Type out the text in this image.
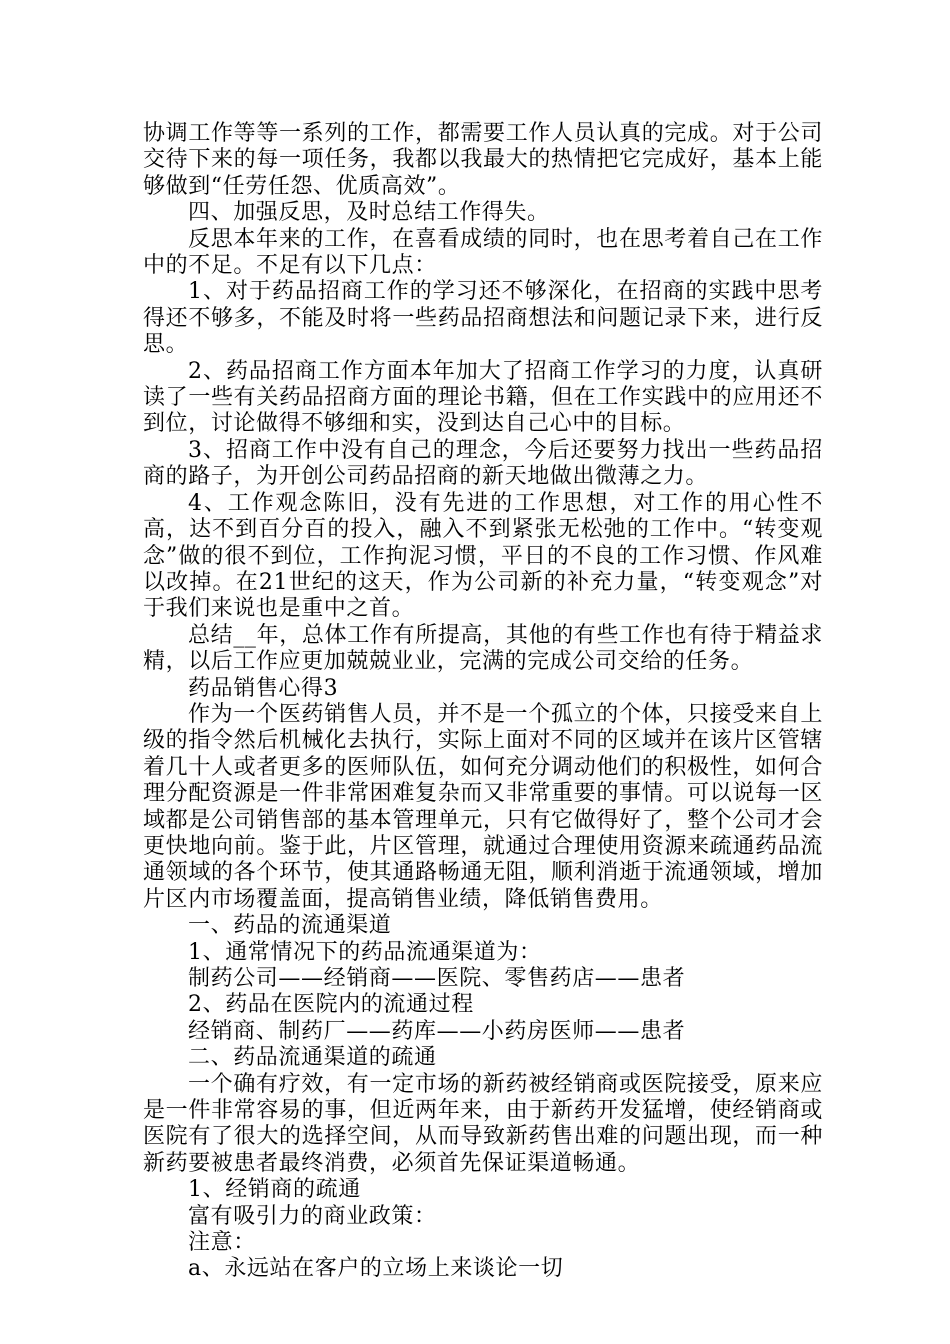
协调工作等等一系列的工作，都需要工作人员认真的完成。对于公司交待下来的每一项任务，我都以我最大的热情把它完成好，基本上能够做到“任劳任怨、优质高效”。

四、加强反思，及时总结工作得失。

反思本年来的工作，在喜看成绩的同时，也在思考着自己在工作中的不足。不足有以下几点：

1、对于药品招商工作的学习还不够深化，在招商的实践中思考得还不够多，不能及时将一些药品招商想法和问题记录下来，进行反思。

2、药品招商工作方面本年加大了招商工作学习的力度，认真研读了一些有关药品招商方面的理论书籍，但在工作实践中的应用还不到位，讨论做得不够细和实，没到达自己心中的目标。

3、招商工作中没有自己的理念，今后还要努力找出一些药品招商的路子，为开创公司药品招商的新天地做出微薄之力。

4、工作观念陈旧，没有先进的工作思想，对工作的用心性不高，达不到百分百的投入，融入不到紧张无松弛的工作中。“转变观念”做的很不到位，工作拘泥习惯，平日的不良的工作习惯、作风难以改掉。在21世纪的这天，作为公司新的补充力量，“转变观念”对于我们来说也是重中之首。

总结__年，总体工作有所提高，其他的有些工作也有待于精益求精，以后工作应更加兢兢业业，完满的完成公司交给的任务。

药品销售心得3

作为一个医药销售人员，并不是一个孤立的个体，只接受来自上级的指令然后机械化去执行，实际上面对不同的区域并在该片区管辖着几十人或者更多的医师队伍，如何充分调动他们的积极性，如何合理分配资源是一件非常困难复杂而又非常重要的事情。可以说每一区域都是公司销售部的基本管理单元，只有它做得好了，整个公司才会更快地向前。鉴于此，片区管理，就通过合理使用资源来疏通药品流通领域的各个环节，使其通路畅通无阻，顺利消逝于流通领域，增加片区内市场覆盖面，提高销售业绩，降低销售费用。

一、药品的流通渠道

1、通常情况下的药品流通渠道为：

制药公司——经销商——医院、零售药店——患者

2、药品在医院内的流通过程

经销商、制药厂——药库——小药房医师——患者

二、药品流通渠道的疏通

一个确有疗效，有一定市场的新药被经销商或医院接受，原来应是一件非常容易的事，但近两年来，由于新药开发猛增，使经销商或医院有了很大的选择空间，从而导致新药售出难的问题出现，而一种新药要被患者最终消费，必须首先保证渠道畅通。

1、经销商的疏通

富有吸引力的商业政策：

注意：

a、永远站在客户的立场上来谈论一切
